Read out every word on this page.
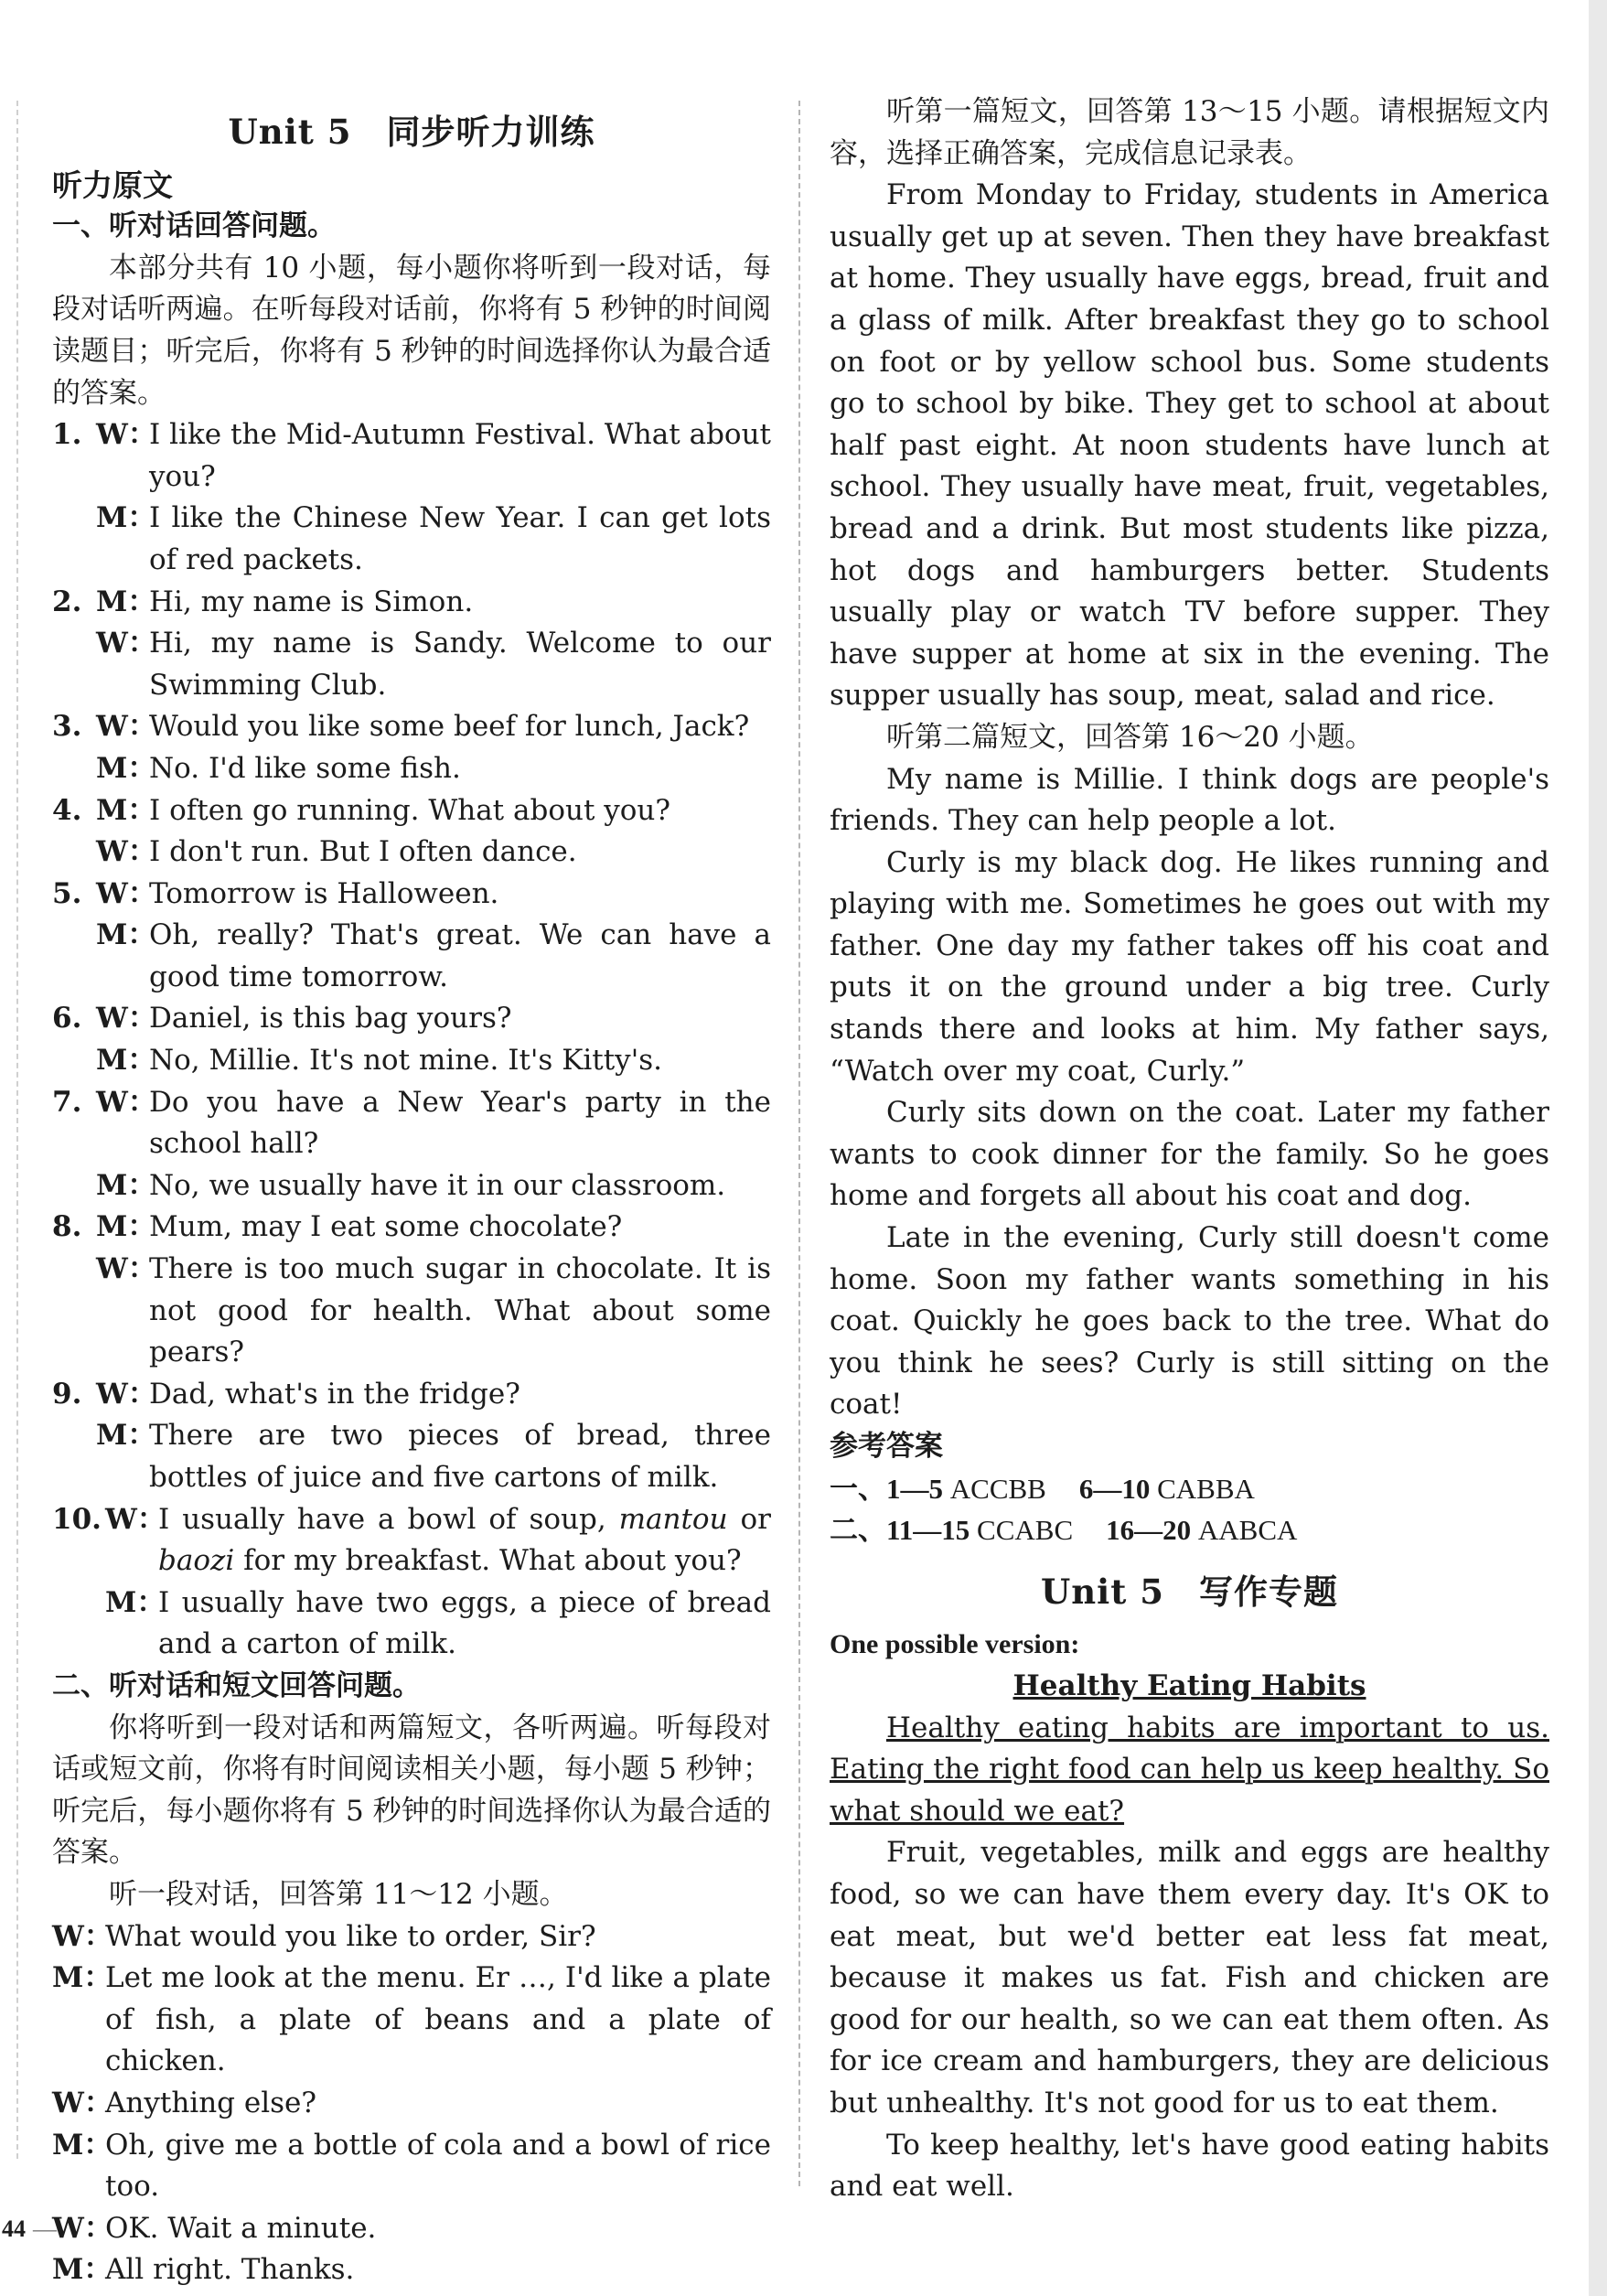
Unit 5　同步听力训练
听力原文
一、听对话回答问题。

本部分共有 10 小题，每小题你将听到一段对话，每段对话听两遍。在听每段对话前，你将有 5 秒钟的时间阅读题目；听完后，你将有 5 秒钟的时间选择你认为最合适的答案。

1. W：
I like the Mid-Autumn Festival. What about you?
M：
I like the Chinese New Year. I can get lots of red packets.
2. M：
Hi, my name is Simon.
W：
Hi, my name is Sandy. Welcome to our Swimming Club.
3. W：
Would you like some beef for lunch, Jack?
M：
No. I'd like some fish.
4. M：
I often go running. What about you?
W：
I don't run. But I often dance.
5. W：
Tomorrow is Halloween.
M：
Oh, really? That's great. We can have a good time tomorrow.
6. W：
Daniel, is this bag yours?
M：
No, Millie. It's not mine. It's Kitty's.
7. W：
Do you have a New Year's party in the school hall?
M：
No, we usually have it in our classroom.
8. M：
Mum, may I eat some chocolate?
W：
There is too much sugar in chocolate. It is not good for health. What about some pears?
9. W：
Dad, what's in the fridge?
M：
There are two pieces of bread, three bottles of juice and five cartons of milk.
10. W：
I usually have a bowl of soup, mantou or baozi for my breakfast. What about you?
M：
I usually have two eggs, a piece of bread and a carton of milk.
二、听对话和短文回答问题。

你将听到一段对话和两篇短文，各听两遍。听每段对话或短文前，你将有时间阅读相关小题，每小题 5 秒钟；听完后，每小题你将有 5 秒钟的时间选择你认为最合适的答案。

听一段对话，回答第 11～12 小题。

W：
What would you like to order, Sir?
M：
Let me look at the menu. Er …, I'd like a plate of fish, a plate of beans and a plate of chicken.
W：
Anything else?
M：
Oh, give me a bottle of cola and a bowl of rice too.
W：
OK. Wait a minute.
M：
All right. Thanks.
44 —

听第一篇短文，回答第 13～15 小题。请根据短文内容，选择正确答案，完成信息记录表。

From Monday to Friday, students in America usually get up at seven. Then they have breakfast at home. They usually have eggs, bread, fruit and a glass of milk. After breakfast they go to school on foot or by yellow school bus. Some students go to school by bike. They get to school at about half past eight. At noon students have lunch at school. They usually have meat, fruit, vegetables, bread and a drink. But most students like pizza, hot dogs and hamburgers better. Students usually play or watch TV before supper. They have supper at home at six in the evening. The supper usually has soup, meat, salad and rice.

听第二篇短文，回答第 16～20 小题。

My name is Millie. I think dogs are people's friends. They can help people a lot.

Curly is my black dog. He likes running and playing with me. Sometimes he goes out with my father. One day my father takes off his coat and puts it on the ground under a big tree. Curly stands there and looks at him. My father says, “Watch over my coat, Curly.”

Curly sits down on the coat. Later my father wants to cook dinner for the family. So he goes home and forgets all about his coat and dog.

Late in the evening, Curly still doesn't come home. Soon my father wants something in his coat. Quickly he goes back to the tree. What do you think he sees? Curly is still sitting on the coat!

参考答案
一、1—5 ACCBB 6—10 CABBA
二、11—15 CCABC 16—20 AABCA
Unit 5　写作专题
One possible version:
Healthy Eating Habits

Healthy eating habits are important to us. Eating the right food can help us keep healthy. So what should we eat?

Fruit, vegetables, milk and eggs are healthy food, so we can have them every day. It's OK to eat meat, but we'd better eat less fat meat, because it makes us fat. Fish and chicken are good for our health, so we can eat them often. As for ice cream and hamburgers, they are delicious but unhealthy. It's not good for us to eat them.

To keep healthy, let's have good eating habits and eat well.
